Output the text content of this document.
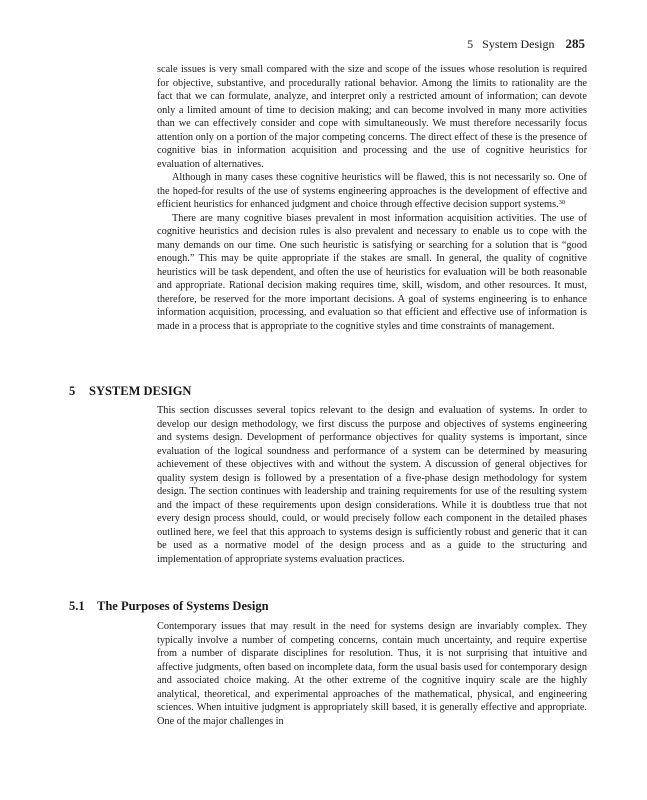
5 System Design 285

scale issues is very small compared with the size and scope of the issues whose resolution is required for objective, substantive, and procedurally rational behavior. Among the limits to rationality are the fact that we can formulate, analyze, and interpret only a restricted amount of information; can devote only a limited amount of time to decision making; and can become involved in many more activities than we can effectively consider and cope with simultaneously. We must therefore necessarily focus attention only on a portion of the major competing concerns. The direct effect of these is the presence of cognitive bias in information acquisition and processing and the use of cognitive heuristics for evaluation of alternatives.

Although in many cases these cognitive heuristics will be flawed, this is not necessarily so. One of the hoped-for results of the use of systems engineering approaches is the development of effective and efficient heuristics for enhanced judgment and choice through effective decision support systems.$^{30}$

There are many cognitive biases prevalent in most information acquisition activities. The use of cognitive heuristics and decision rules is also prevalent and necessary to enable us to cope with the many demands on our time. One such heuristic is satisfying or searching for a solution that is “good enough.” This may be quite appropriate if the stakes are small. In general, the quality of cognitive heuristics will be task dependent, and often the use of heuristics for evaluation will be both reasonable and appropriate. Rational decision making requires time, skill, wisdom, and other resources. It must, therefore, be reserved for the more important decisions. A goal of systems engineering is to enhance information acquisition, processing, and evaluation so that efficient and effective use of information is made in a process that is appropriate to the cognitive styles and time constraints of management.

5 SYSTEM DESIGN

This section discusses several topics relevant to the design and evaluation of systems. In order to develop our design methodology, we first discuss the purpose and objectives of systems engineering and systems design. Development of performance objectives for quality systems is important, since evaluation of the logical soundness and performance of a system can be determined by measuring achievement of these objectives with and without the system. A discussion of general objectives for quality system design is followed by a presentation of a five-phase design methodology for system design. The section continues with leadership and training requirements for use of the resulting system and the impact of these requirements upon design considerations. While it is doubtless true that not every design process should, could, or would precisely follow each component in the detailed phases outlined here, we feel that this approach to systems design is sufficiently robust and generic that it can be used as a normative model of the design process and as a guide to the structuring and implementation of appropriate systems evaluation practices.

5.1 The Purposes of Systems Design

Contemporary issues that may result in the need for systems design are invariably complex. They typically involve a number of competing concerns, contain much uncertainty, and require expertise from a number of disparate disciplines for resolution. Thus, it is not surprising that intuitive and affective judgments, often based on incomplete data, form the usual basis used for contemporary design and associated choice making. At the other extreme of the cognitive inquiry scale are the highly analytical, theoretical, and experimental approaches of the mathematical, physical, and engineering sciences. When intuitive judgment is appropriately skill based, it is generally effective and appropriate. One of the major challenges in
